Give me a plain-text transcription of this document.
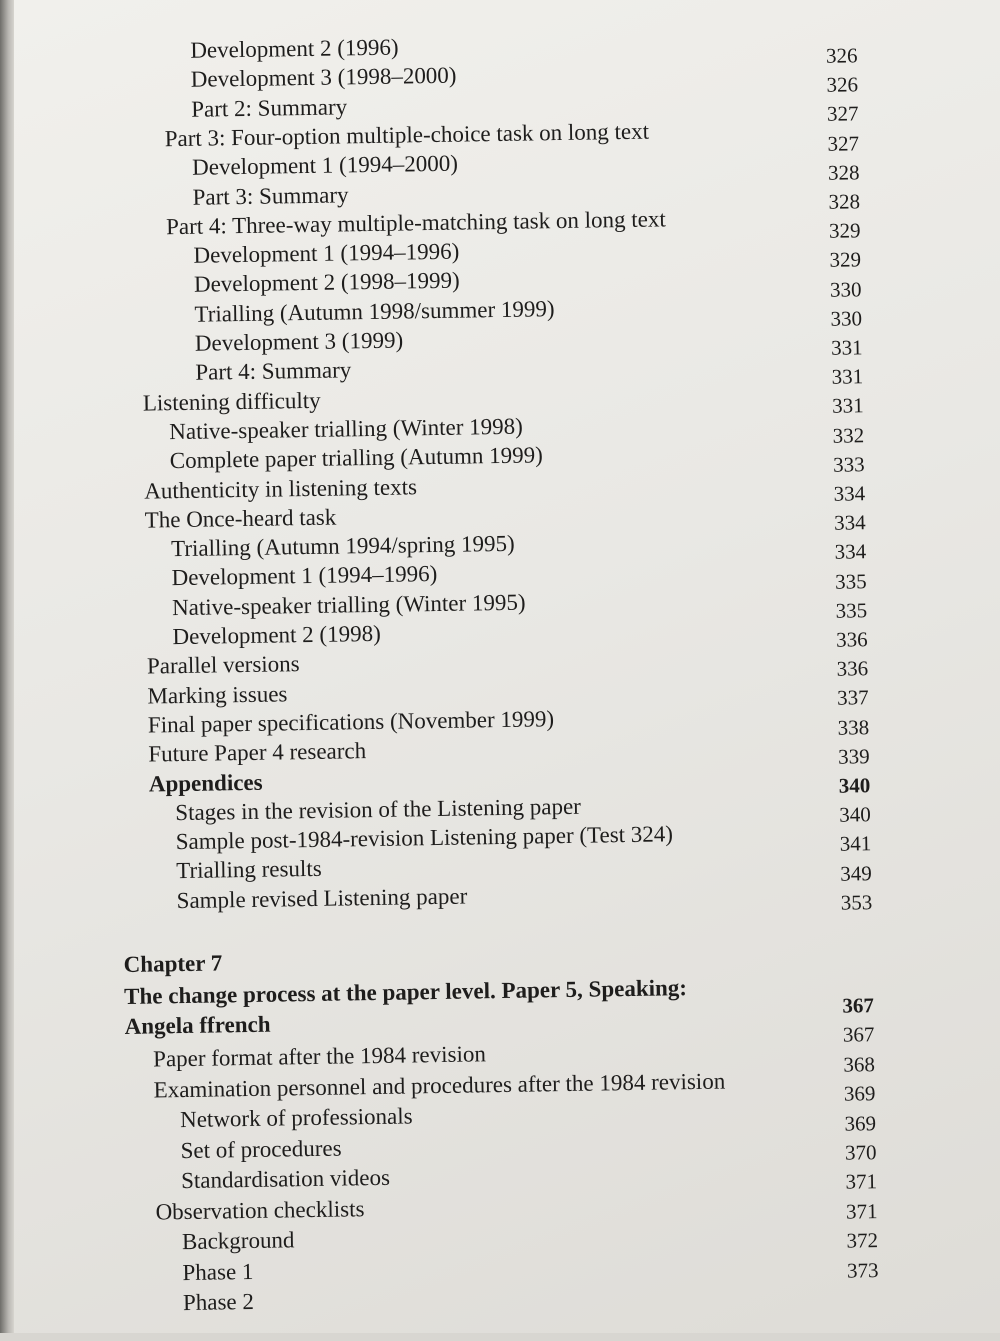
Development 2 (1996)
Development 3 (1998–2000)
Part 2: Summary
Part 3: Four-option multiple-choice task on long text
Development 1 (1994–2000)
Part 3: Summary
Part 4: Three-way multiple-matching task on long text
Development 1 (1994–1996)
Development 2 (1998–1999)
Trialling (Autumn 1998/summer 1999)
Development 3 (1999)
Part 4: Summary
Listening difficulty
Native-speaker trialling (Winter 1998)
Complete paper trialling (Autumn 1999)
Authenticity in listening texts
The Once-heard task
Trialling (Autumn 1994/spring 1995)
Development 1 (1994–1996)
Native-speaker trialling (Winter 1995)
Development 2 (1998)
Parallel versions
Marking issues
Final paper specifications (November 1999)
Future Paper 4 research
Appendices
Stages in the revision of the Listening paper
Sample post-1984-revision Listening paper (Test 324)
Trialling results
Sample revised Listening paper
Chapter 7
The change process at the paper level. Paper 5, Speaking:
Angela ffrench
Paper format after the 1984 revision
Examination personnel and procedures after the 1984 revision
Network of professionals
Set of procedures
Standardisation videos
Observation checklists
Background
Phase 1
Phase 2
326
326
327
327
328
328
329
329
330
330
331
331
331
332
333
334
334
334
335
335
336
336
337
338
339
340
340
341
349
353
367
367
368
369
369
370
371
371
372
373
